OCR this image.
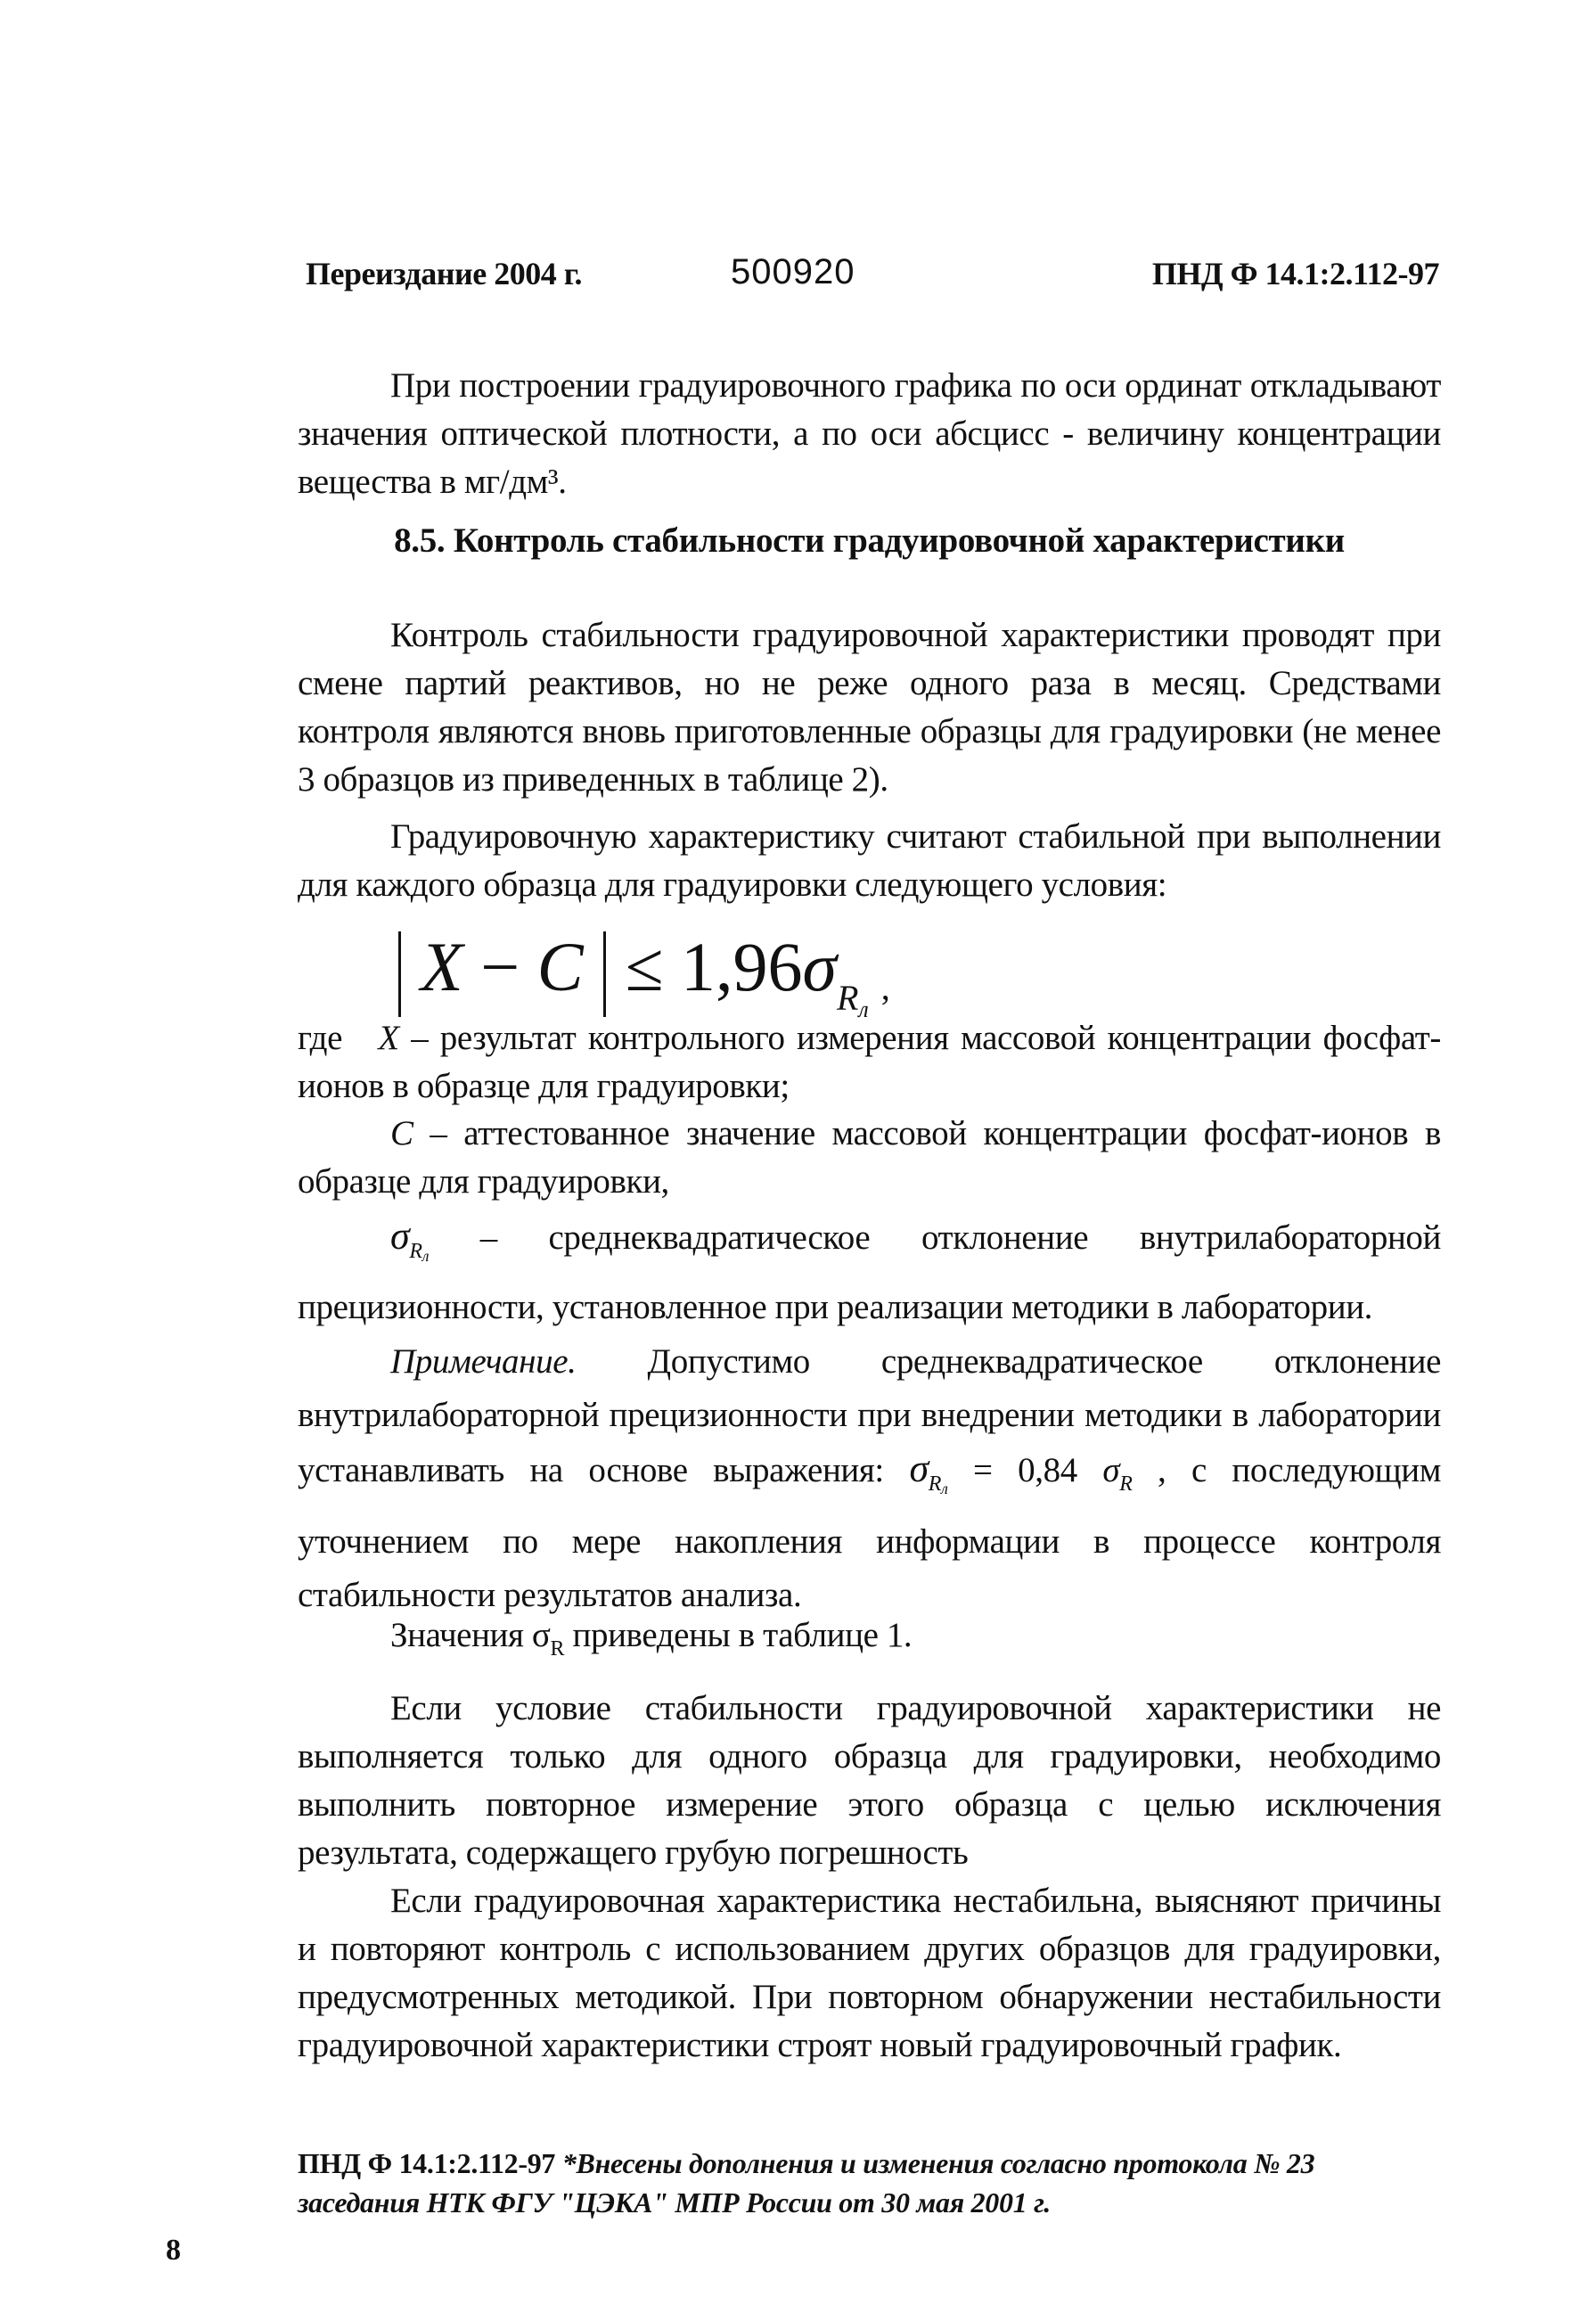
Переиздание 2004 г.	500920	ПНД Ф 14.1:2.112-97
При построении градуировочного графика по оси ординат откладывают значения оптической плотности, а по оси абсцисс - величину концентрации вещества в мг/дм³.
8.5. Контроль стабильности градуировочной характеристики
Контроль стабильности градуировочной характеристики проводят при смене партий реактивов, но не реже одного раза в месяц. Средствами контроля являются вновь приготовленные образцы для градуировки (не менее 3 образцов из приведенных в таблице 2).
Градуировочную характеристику считают стабильной при выполнении для каждого образца для градуировки следующего условия:
$X - C \le 1,96\sigma_{Rл}$,
где X – результат контрольного измерения массовой концентрации фосфат-ионов в образце для градуировки;
C – аттестованное значение массовой концентрации фосфат-ионов в образце для градуировки,
$\sigma_{Rл}$ – среднеквадратическое отклонение внутрилабораторной прецизионности, установленное при реализации методики в лаборатории.
Примечание. Допустимо среднеквадратическое отклонение внутрилабораторной прецизионности при внедрении методики в лаборатории устанавливать на основе выражения: $\sigma_{Rл} = 0,84$ $\sigma_R$ , с последующим уточнением по мере накопления информации в процессе контроля стабильности результатов анализа.
Значения $\sigma_R$ приведены в таблице 1.
Если условие стабильности градуировочной характеристики не выполняется только для одного образца для градуировки, необходимо выполнить повторное измерение этого образца с целью исключения результата, содержащего грубую погрешность
Если градуировочная характеристика нестабильна, выясняют причины и повторяют контроль с использованием других образцов для градуировки, предусмотренных методикой. При повторном обнаружении нестабильности градуировочной характеристики строят новый градуировочный график.
ПНД Ф 14.1:2.112-97 *Внесены дополнения и изменения согласно протокола № 23 заседания НТК ФГУ "ЦЭКА" МПР России от 30 мая 2001 г.
8
